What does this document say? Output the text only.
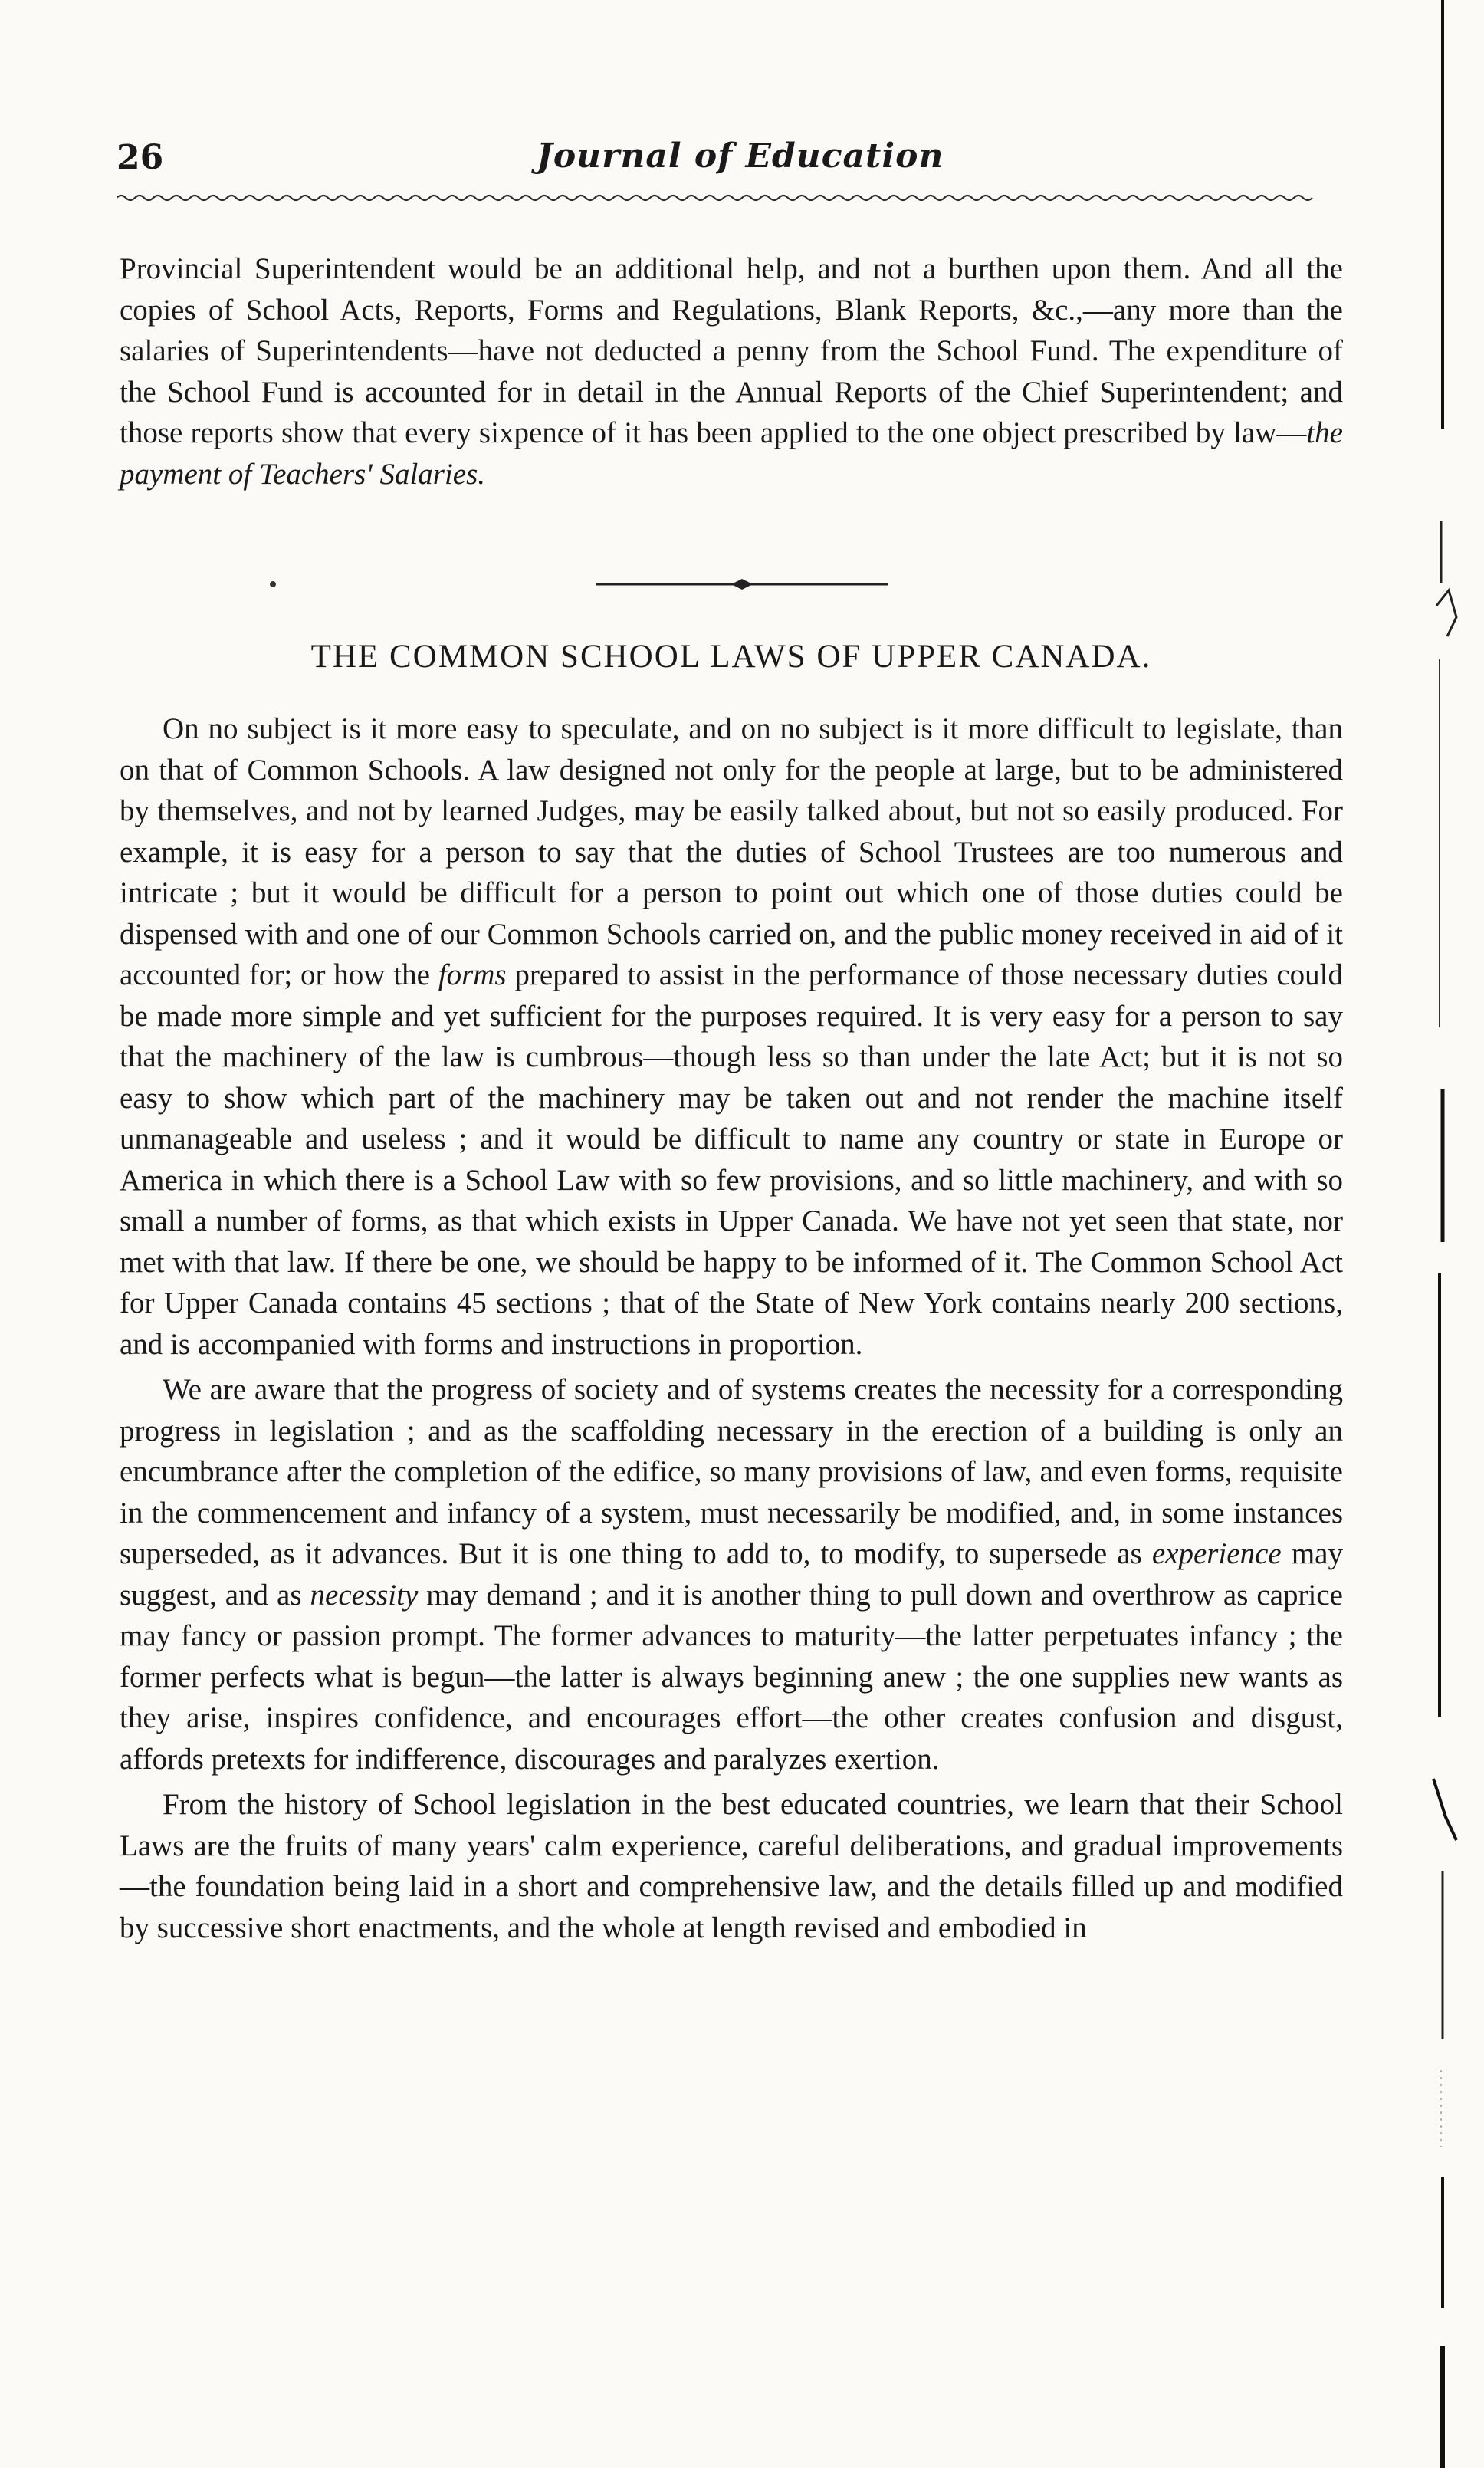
26	Journal of Education

Provincial Superintendent would be an additional help, and not a burthen upon them. And all the copies of School Acts, Reports, Forms and Regulations, Blank Reports, &c.,—any more than the salaries of Superintendents—have not deducted a penny from the School Fund. The expenditure of the School Fund is accounted for in detail in the Annual Reports of the Chief Superintendent; and those reports show that every sixpence of it has been applied to the one object prescribed by law—the payment of Teachers' Salaries.

THE COMMON SCHOOL LAWS OF UPPER CANADA.

On no subject is it more easy to speculate, and on no subject is it more difficult to legislate, than on that of Common Schools. A law designed not only for the people at large, but to be administered by themselves, and not by learned Judges, may be easily talked about, but not so easily produced. For example, it is easy for a person to say that the duties of School Trustees are too numerous and intricate ; but it would be difficult for a person to point out which one of those duties could be dispensed with and one of our Common Schools carried on, and the public money received in aid of it accounted for; or how the forms prepared to assist in the performance of those necessary duties could be made more simple and yet sufficient for the purposes required. It is very easy for a person to say that the machinery of the law is cumbrous—though less so than under the late Act; but it is not so easy to show which part of the machinery may be taken out and not render the machine itself unmanageable and useless ; and it would be difficult to name any country or state in Europe or America in which there is a School Law with so few provisions, and so little machinery, and with so small a number of forms, as that which exists in Upper Canada. We have not yet seen that state, nor met with that law. If there be one, we should be happy to be informed of it. The Common School Act for Upper Canada contains 45 sections ; that of the State of New York contains nearly 200 sections, and is accompanied with forms and instructions in proportion.

We are aware that the progress of society and of systems creates the necessity for a corresponding progress in legislation ; and as the scaffolding necessary in the erection of a building is only an encumbrance after the completion of the edifice, so many provisions of law, and even forms, requisite in the commencement and infancy of a system, must necessarily be modified, and, in some instances superseded, as it advances. But it is one thing to add to, to modify, to supersede as experience may suggest, and as necessity may demand ; and it is another thing to pull down and overthrow as caprice may fancy or passion prompt. The former advances to maturity—the latter perpetuates infancy ; the former perfects what is begun—the latter is always beginning anew ; the one supplies new wants as they arise, inspires confidence, and encourages effort—the other creates confusion and disgust, affords pretexts for indifference, discourages and paralyzes exertion.

From the history of School legislation in the best educated countries, we learn that their School Laws are the fruits of many years' calm experience, careful deliberations, and gradual improvements—the foundation being laid in a short and comprehensive law, and the details filled up and modified by successive short enactments, and the whole at length revised and embodied in
